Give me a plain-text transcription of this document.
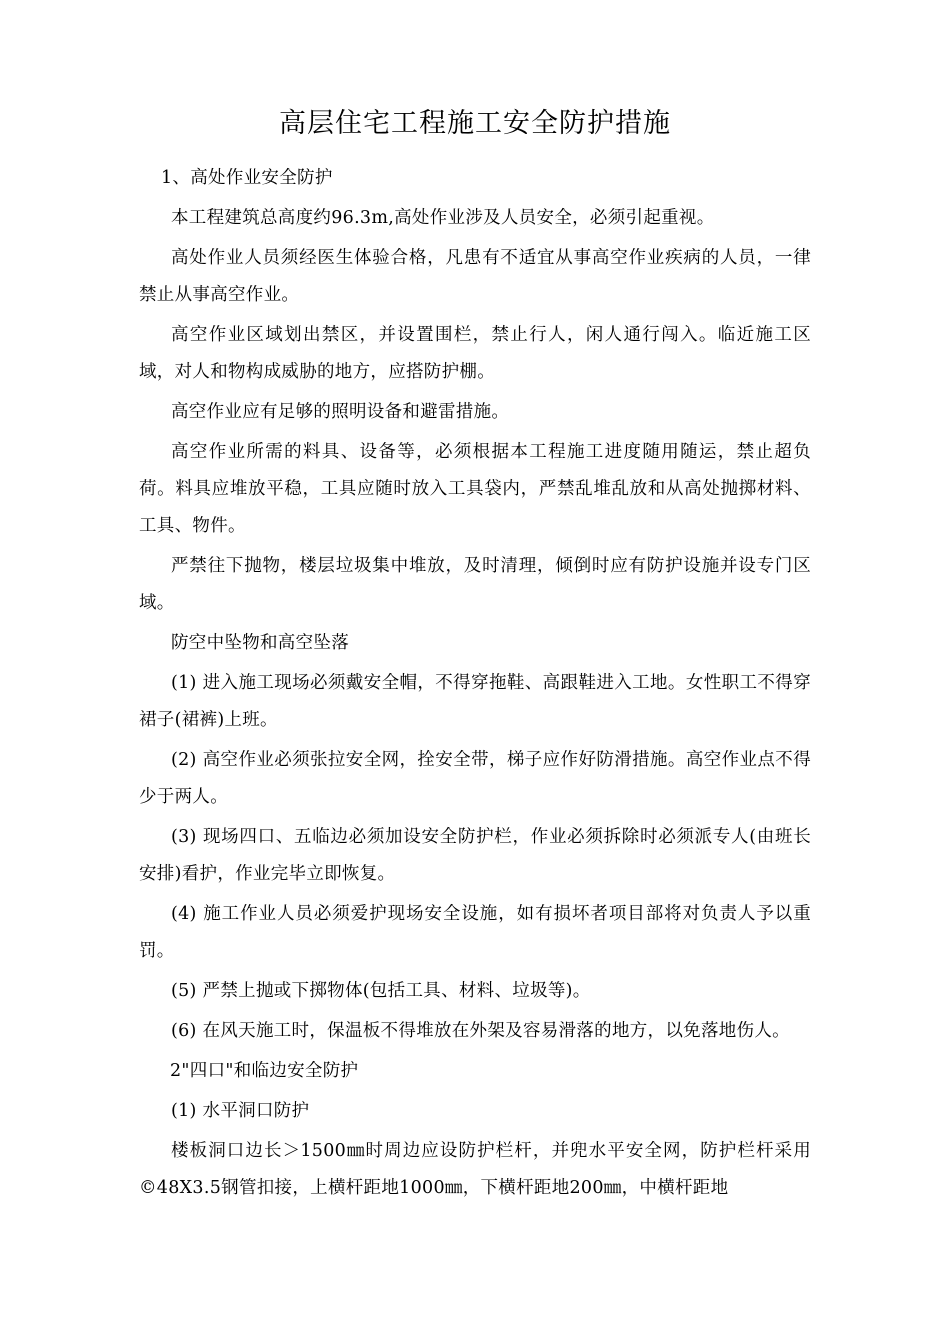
高层住宅工程施工安全防护措施

1、高处作业安全防护

本工程建筑总高度约96.3m,高处作业涉及人员安全，必须引起重视。

高处作业人员须经医生体验合格，凡患有不适宜从事高空作业疾病的人员，一律禁止从事高空作业。

高空作业区域划出禁区，并设置围栏，禁止行人，闲人通行闯入。临近施工区域，对人和物构成威胁的地方，应搭防护棚。

高空作业应有足够的照明设备和避雷措施。

高空作业所需的料具、设备等，必须根据本工程施工进度随用随运，禁止超负荷。料具应堆放平稳，工具应随时放入工具袋内，严禁乱堆乱放和从高处抛掷材料、工具、物件。

严禁往下抛物，楼层垃圾集中堆放，及时清理，倾倒时应有防护设施并设专门区域。

防空中坠物和高空坠落

(1) 进入施工现场必须戴安全帽，不得穿拖鞋、高跟鞋进入工地。女性职工不得穿裙子(裙裤)上班。

(2) 高空作业必须张拉安全网，拴安全带，梯子应作好防滑措施。高空作业点不得少于两人。

(3) 现场四口、五临边必须加设安全防护栏，作业必须拆除时必须派专人(由班长安排)看护，作业完毕立即恢复。

(4) 施工作业人员必须爱护现场安全设施，如有损坏者项目部将对负责人予以重罚。

(5) 严禁上抛或下掷物体(包括工具、材料、垃圾等)。

(6) 在风天施工时，保温板不得堆放在外架及容易滑落的地方，以免落地伤人。

2"四口"和临边安全防护

(1) 水平洞口防护

楼板洞口边长＞1500㎜时周边应设防护栏杆，并兜水平安全网，防护栏杆采用©48X3.5钢管扣接，上横杆距地1000㎜，下横杆距地200㎜，中横杆距地
